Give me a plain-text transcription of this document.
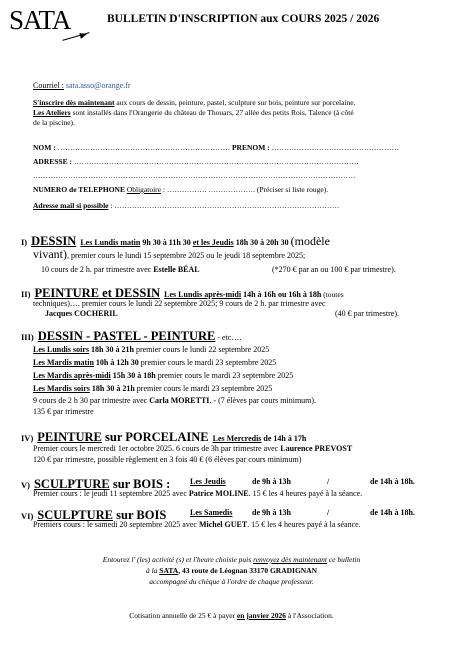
SATA	BULLETIN D'INSCRIPTION aux COURS 2025 / 2026
Courriel : sata.asso@orange.fr
S'inscrire dès maintenant aux cours de dessin, peinture, pastel, sculpture sur bois, peinture sur porcelaine.
Les Ateliers sont installés dans l'Orangerie du château de Thouars, 27 allée des petits Rois, Talence (à côté
de la piscine).
NOM : …………………………………………………………… PRENOM : ……………………………………………
ADRESSE : ……………………………………………………………………………………………………
…………………………………………………………………………………………………………………
NUMERO de TELEPHONE Obligatoire : ……………. ………………. (Préciser si liste rouge).
Adresse mail si possible : ………………………………………………………………………………
I) DESSIN Les Lundis matin 9h 30 à 11h 30 et les Jeudis 18h 30 à 20h 30 (modèle
vivant), premier cours le lundi 15 septembre 2025 ou le jeudi 18 septembre 2025;
10 cours de 2 h. par trimestre avec Estelle BÉAL	(*270 € par an ou 100 € par trimestre).
II) PEINTURE et DESSIN Les Lundis après-midi 14h à 16h ou 16h à 18h (toutes
techniques)…. premier cours le lundi 22 septembre 2025; 9 cours de 2 h. par trimestre avec
Jacques COCHERIL	(40 € par trimestre).
III) DESSIN - PASTEL - PEINTURE - etc….
Les Lundis soirs 18h 30 à 21h premier cours le lundi 22 septembre 2025
Les Mardis matin 10h à 12h 30 premier cours le mardi 23 septembre 2025
Les Mardis après-midi 15h 30 à 18h premier cours le mardi 23 septembre 2025
Les Mardis soirs 18h 30 à 21h premier cours le mardi 23 septembre 2025
9 cours de 2 h 30 par trimestre avec Carla MORETTI. - (7 élèves par cours minimum).
135 € par trimestre
IV) PEINTURE sur PORCELAINE Les Mercredis de 14h à 17h
Premier cours le mercredi 1er octobre 2025. 6 cours de 3h par trimestre avec Laurence PREVOST
120 € par trimestre, possible règlement en 3 fois 40 € (6 élèves par cours minimum)
V) SCULPTURE sur BOIS : Les Jeudis	de 9h à 13h	/	de 14h à 18h.
Premier cours : le jeudi 11 septembre 2025 avec Patrice MOLINE. 15 € les 4 heures payé à la séance.
VI) SCULPTURE sur BOIS	Les Samedis de 9h à 13h	/	de 14h à 18h.
Premiers cours : le samedi 20 septembre 2025 avec Michel GUET. 15 € les 4 heures payé à la séance.
Entourez l' (les) activité (s) et l'heure choisie puis renvoyez dès maintenant ce bulletin
à la SATA, 43 route de Léognan 33170 GRADIGNAN
accompagné du chèque à l'ordre de chaque professeur.
Cotisation annuelle de 25 € à payer en janvier 2026 à l'Association.
